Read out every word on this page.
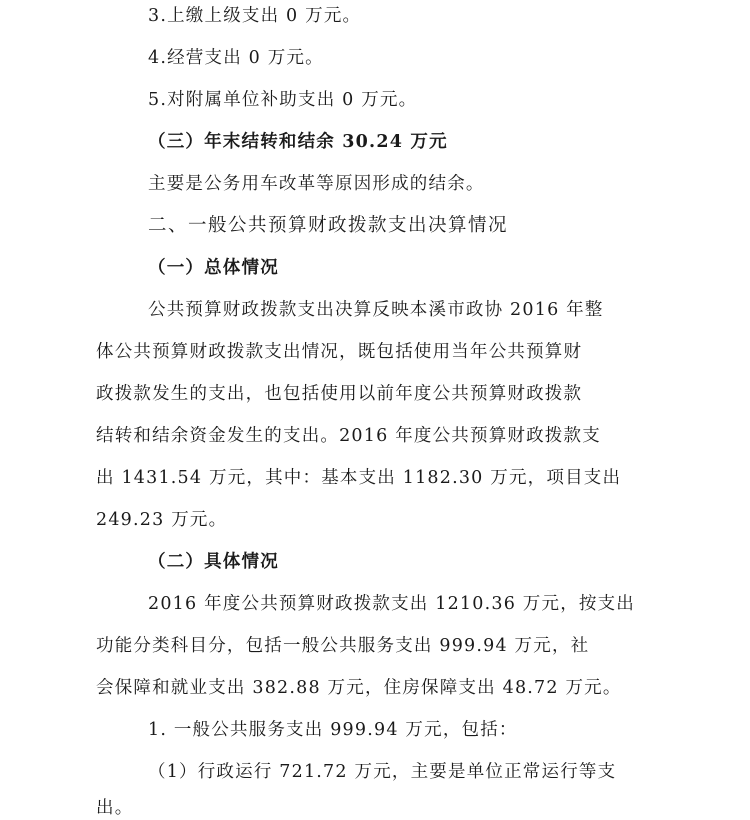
3.上缴上级支出 0 万元。
4.经营支出 0 万元。
5.对附属单位补助支出 0 万元。
（三）年末结转和结余 30.24 万元
主要是公务用车改革等原因形成的结余。
二、一般公共预算财政拨款支出决算情况
（一）总体情况
公共预算财政拨款支出决算反映本溪市政协 2016 年整
体公共预算财政拨款支出情况，既包括使用当年公共预算财
政拨款发生的支出，也包括使用以前年度公共预算财政拨款
结转和结余资金发生的支出。2016 年度公共预算财政拨款支
出 1431.54 万元，其中：基本支出 1182.30 万元，项目支出
249.23 万元。
（二）具体情况
2016 年度公共预算财政拨款支出 1210.36 万元，按支出
功能分类科目分，包括一般公共服务支出 999.94 万元，社
会保障和就业支出 382.88 万元，住房保障支出 48.72 万元。
1. 一般公共服务支出 999.94 万元，包括：
（1）行政运行 721.72 万元，主要是单位正常运行等支
出。
